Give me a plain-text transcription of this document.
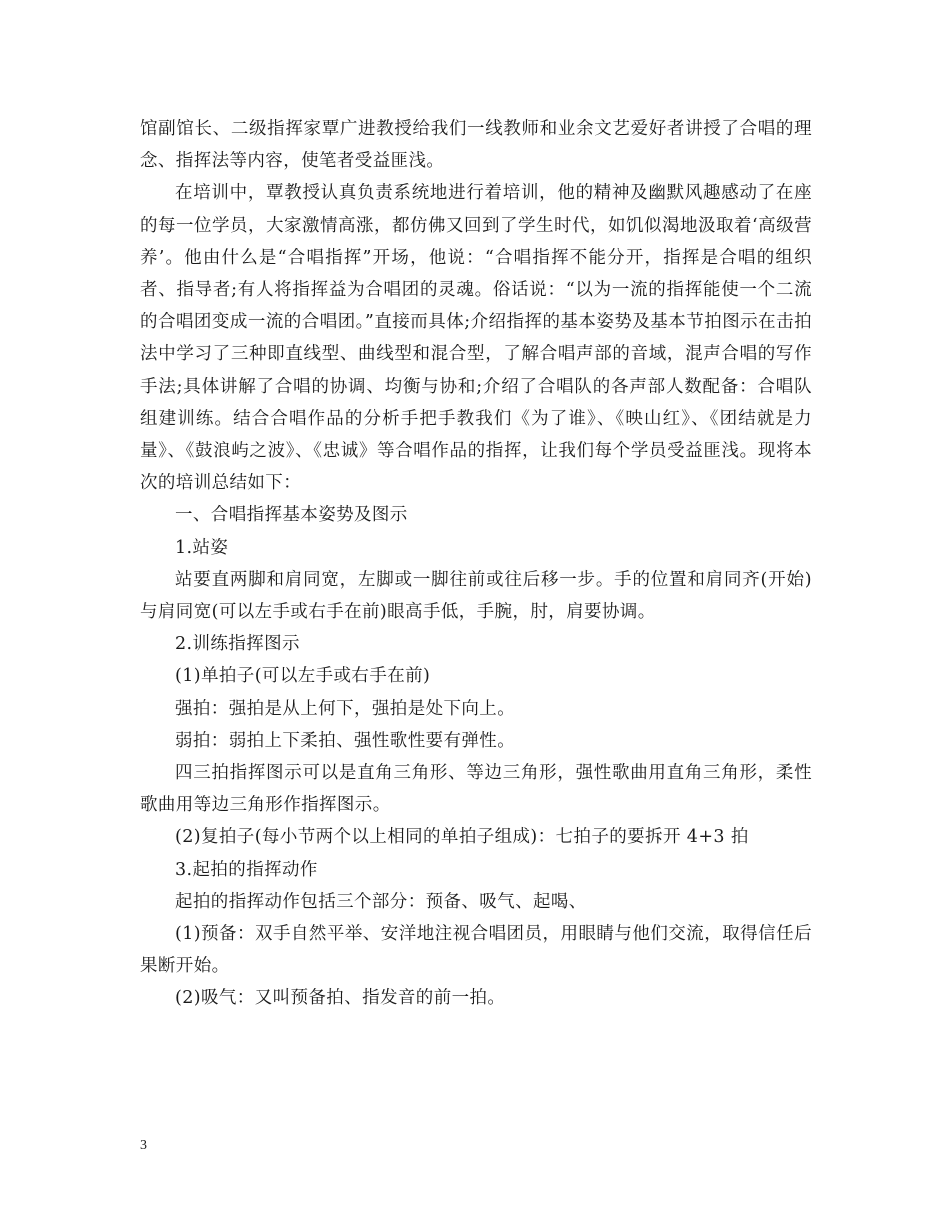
馆副馆长、二级指挥家覃广进教授给我们一线教师和业余文艺爱好者讲授了合唱的理念、指挥法等内容，使笔者受益匪浅。

在培训中，覃教授认真负责系统地进行着培训，他的精神及幽默风趣感动了在座的每一位学员，大家激情高涨，都仿佛又回到了学生时代，如饥似渴地汲取着‘高级营养’。他由什么是“合唱指挥”开场，他说：“合唱指挥不能分开，指挥是合唱的组织者、指导者;有人将指挥益为合唱团的灵魂。俗话说：“以为一流的指挥能使一个二流的合唱团变成一流的合唱团。”直接而具体;介绍指挥的基本姿势及基本节拍图示在击拍法中学习了三种即直线型、曲线型和混合型，了解合唱声部的音域，混声合唱的写作手法;具体讲解了合唱的协调、均衡与协和;介绍了合唱队的各声部人数配备：合唱队组建训练。结合合唱作品的分析手把手教我们《为了谁》、《映山红》、《团结就是力量》、《鼓浪屿之波》、《忠诚》等合唱作品的指挥，让我们每个学员受益匪浅。现将本次的培训总结如下：

一、合唱指挥基本姿势及图示

1.站姿

站要直两脚和肩同宽，左脚或一脚往前或往后移一步。手的位置和肩同齐(开始)与肩同宽(可以左手或右手在前)眼高手低，手腕，肘，肩要协调。

2.训练指挥图示

(1)单拍子(可以左手或右手在前)

强拍：强拍是从上何下，强拍是处下向上。

弱拍：弱拍上下柔拍、强性歌性要有弹性。

四三拍指挥图示可以是直角三角形、等边三角形，强性歌曲用直角三角形，柔性歌曲用等边三角形作指挥图示。

(2)复拍子(每小节两个以上相同的单拍子组成)：七拍子的要拆开 4+3 拍

3.起拍的指挥动作

起拍的指挥动作包括三个部分：预备、吸气、起喝、

(1)预备：双手自然平举、安洋地注视合唱团员，用眼睛与他们交流，取得信任后果断开始。

(2)吸气：又叫预备拍、指发音的前一拍。

3
